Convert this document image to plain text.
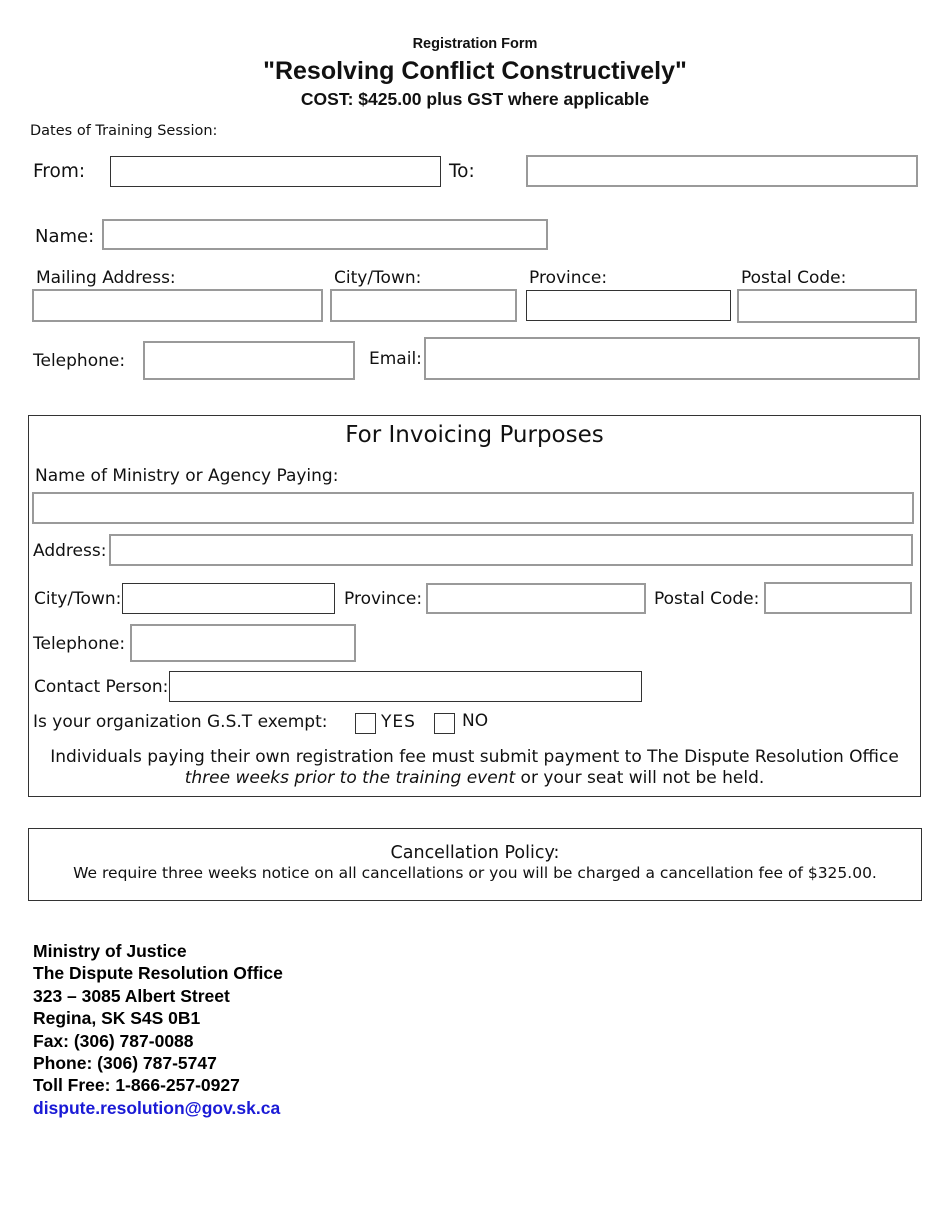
Registration Form
"Resolving Conflict Constructively"
COST: $425.00 plus GST where applicable
Dates of Training Session:
From:	To:
Name:
Mailing Address:	City/Town:	Province:	Postal Code:
Telephone:	Email:
For Invoicing Purposes
Name of Ministry or Agency Paying:
Address:
City/Town:	Province:	Postal Code:
Telephone:
Contact Person:
Is your organization G.S.T exempt:	YES	NO
Individuals paying their own registration fee must submit payment to The Dispute Resolution Office
three weeks prior to the training event or your seat will not be held.
Cancellation Policy:
We require three weeks notice on all cancellations or you will be charged a cancellation fee of $325.00.
Ministry of Justice
The Dispute Resolution Office
323 – 3085 Albert Street
Regina, SK S4S 0B1
Fax: (306) 787-0088
Phone: (306) 787-5747
Toll Free: 1-866-257-0927
dispute.resolution@gov.sk.ca
